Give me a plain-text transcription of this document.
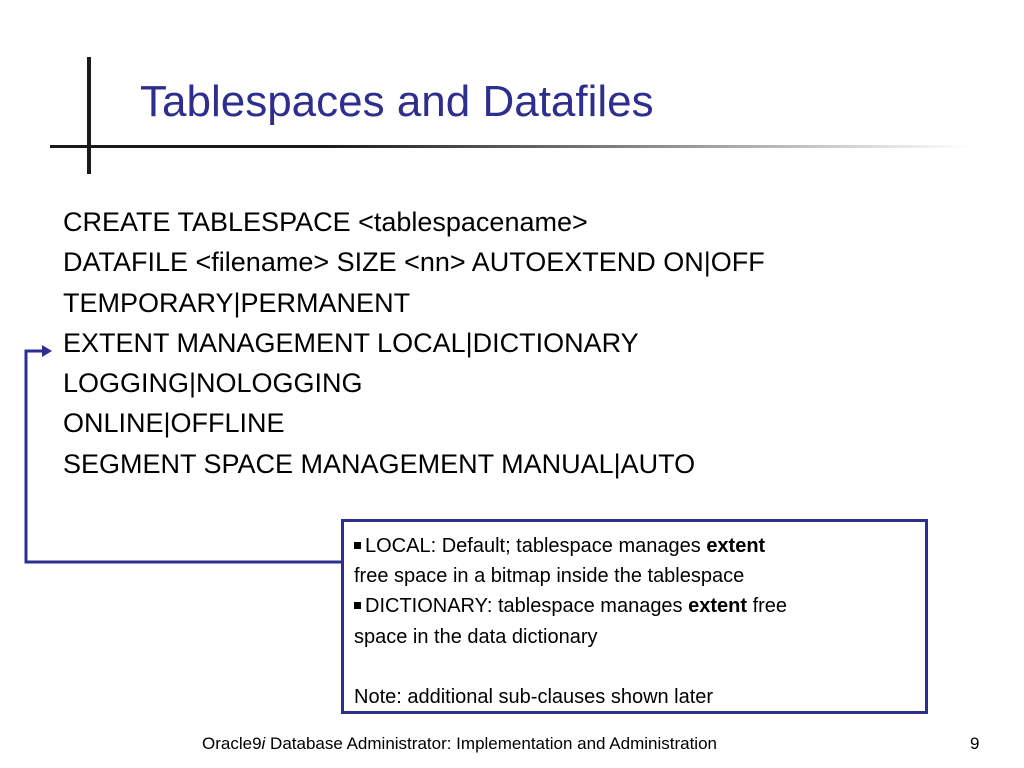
Tablespaces and Datafiles
CREATE TABLESPACE <tablespacename>
DATAFILE <filename> SIZE <nn> AUTOEXTEND ON|OFF
TEMPORARY|PERMANENT
EXTENT MANAGEMENT LOCAL|DICTIONARY
LOGGING|NOLOGGING
ONLINE|OFFLINE
SEGMENT SPACE MANAGEMENT MANUAL|AUTO
LOCAL: Default; tablespace manages extent
free space in a bitmap inside the tablespace
DICTIONARY: tablespace manages extent free
space in the data dictionary
Note: additional sub-clauses shown later
Oracle9i Database Administrator: Implementation and Administration	9
